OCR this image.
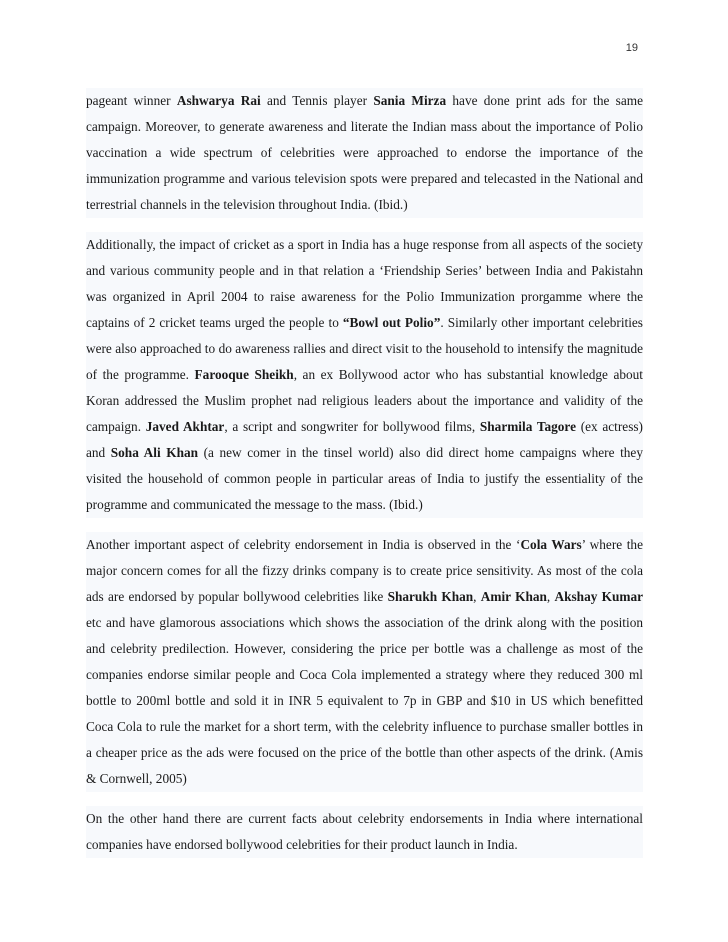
19

pageant winner Ashwarya Rai and Tennis player Sania Mirza have done print ads for the same campaign. Moreover, to generate awareness and literate the Indian mass about the importance of Polio vaccination a wide spectrum of celebrities were approached to endorse the importance of the immunization programme and various television spots were prepared and telecasted in the National and terrestrial channels in the television throughout India. (Ibid.)

Additionally, the impact of cricket as a sport in India has a huge response from all aspects of the society and various community people and in that relation a ‘Friendship Series’ between India and Pakistahn was organized in April 2004 to raise awareness for the Polio Immunization prorgamme where the captains of 2 cricket teams urged the people to “Bowl out Polio”. Similarly other important celebrities were also approached to do awareness rallies and direct visit to the household to intensify the magnitude of the programme. Farooque Sheikh, an ex Bollywood actor who has substantial knowledge about Koran addressed the Muslim prophet nad religious leaders about the importance and validity of the campaign. Javed Akhtar, a script and songwriter for bollywood films, Sharmila Tagore (ex actress) and Soha Ali Khan (a new comer in the tinsel world) also did direct home campaigns where they visited the household of common people in particular areas of India to justify the essentiality of the programme and communicated the message to the mass. (Ibid.)

Another important aspect of celebrity endorsement in India is observed in the ‘Cola Wars’ where the major concern comes for all the fizzy drinks company is to create price sensitivity. As most of the cola ads are endorsed by popular bollywood celebrities like Sharukh Khan, Amir Khan, Akshay Kumar etc and have glamorous associations which shows the association of the drink along with the position and celebrity predilection. However, considering the price per bottle was a challenge as most of the companies endorse similar people and Coca Cola implemented a strategy where they reduced 300 ml bottle to 200ml bottle and sold it in INR 5 equivalent to 7p in GBP and $10 in US which benefitted Coca Cola to rule the market for a short term, with the celebrity influence to purchase smaller bottles in a cheaper price as the ads were focused on the price of the bottle than other aspects of the drink. (Amis & Cornwell, 2005)

On the other hand there are current facts about celebrity endorsements in India where international companies have endorsed bollywood celebrities for their product launch in India.
